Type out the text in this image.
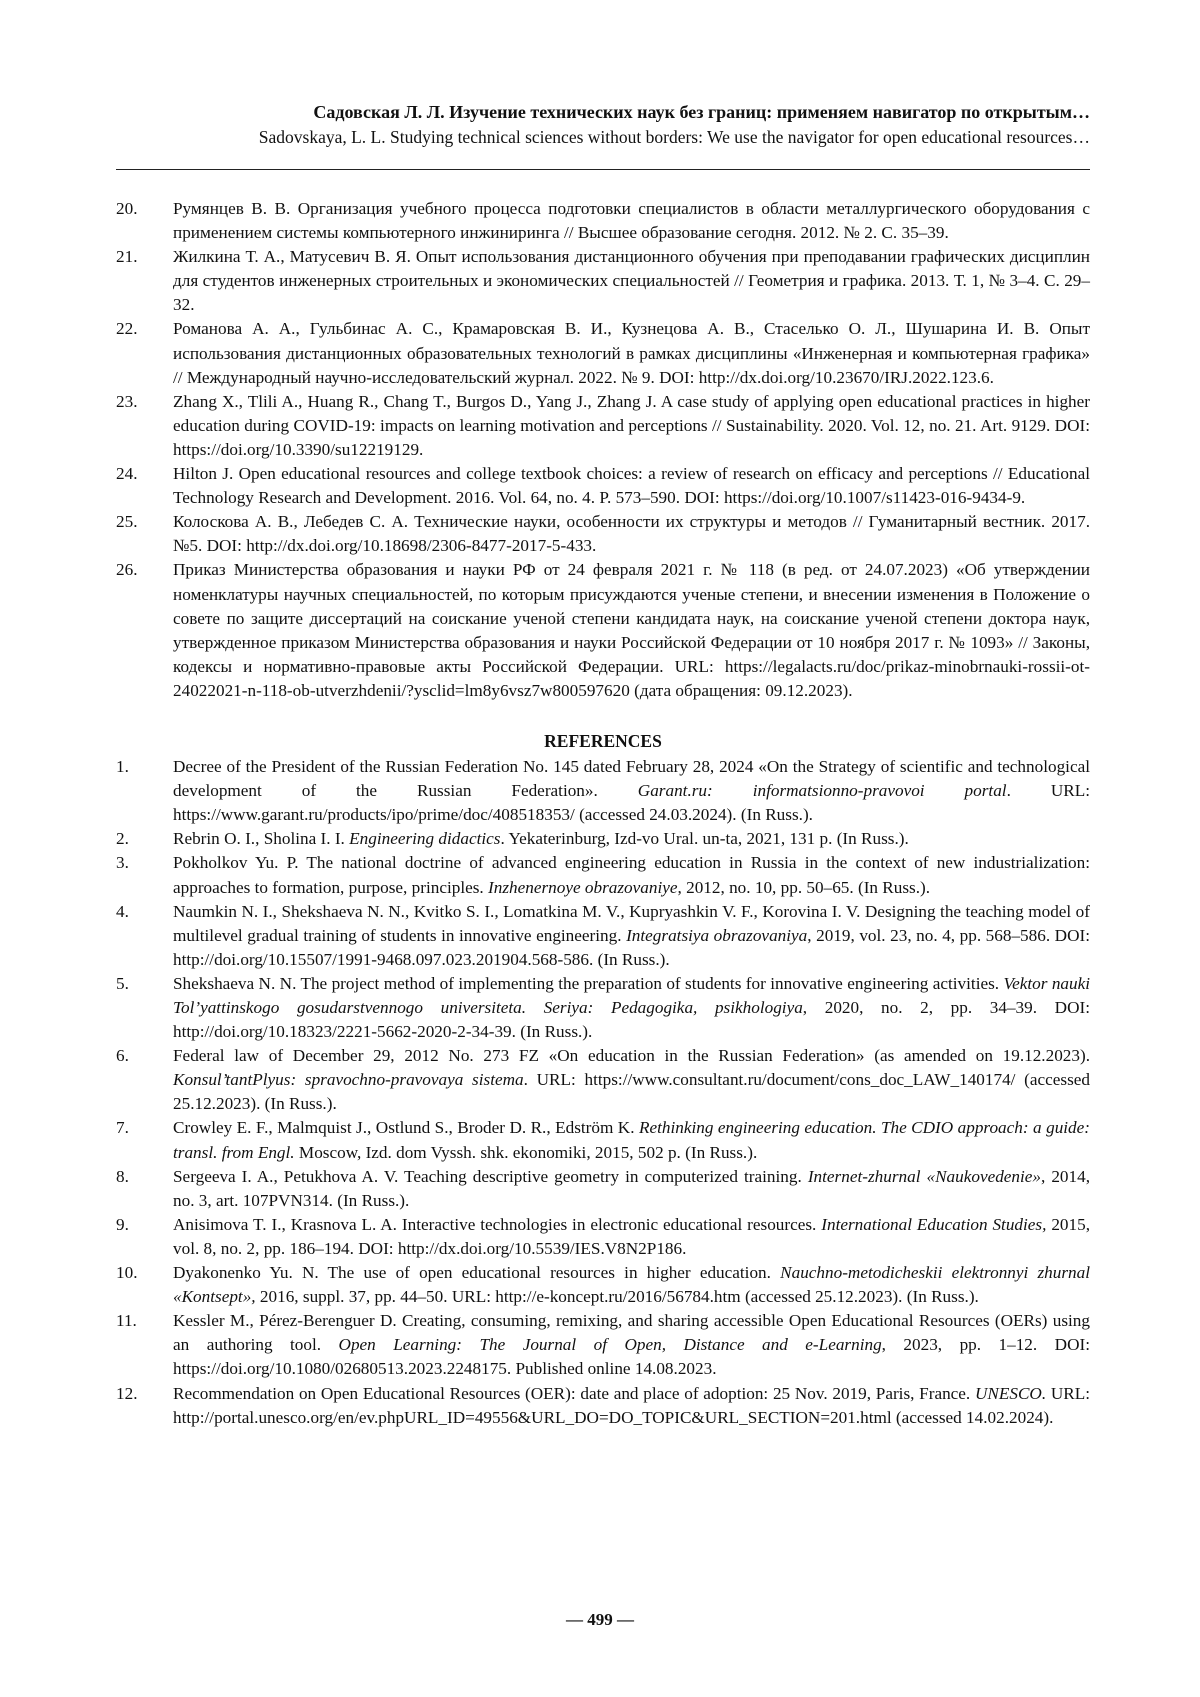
Садовская Л. Л. Изучение технических наук без границ: применяем навигатор по открытым…
Sadovskaya, L. L. Studying technical sciences without borders: We use the navigator for open educational resources…
20.	Румянцев В. В. Организация учебного процесса подготовки специалистов в области металлургического оборудования с применением системы компьютерного инжиниринга // Высшее образование сегодня. 2012. № 2. С. 35–39.
21.	Жилкина Т. А., Матусевич В. Я. Опыт использования дистанционного обучения при преподавании графических дисциплин для студентов инженерных строительных и экономических специальностей // Геометрия и графика. 2013. Т. 1, № 3–4. С. 29–32.
22.	Романова А. А., Гульбинас А. С., Крамаровская В. И., Кузнецова А. В., Стаселько О. Л., Шушарина И. В. Опыт использования дистанционных образовательных технологий в рамках дисциплины «Инженерная и компьютерная графика» // Международный научно-исследовательский журнал. 2022. № 9. DOI: http://dx.doi.org/10.23670/IRJ.2022.123.6.
23.	Zhang X., Tlili A., Huang R., Chang T., Burgos D., Yang J., Zhang J. A case study of applying open educational practices in higher education during COVID-19: impacts on learning motivation and perceptions // Sustainability. 2020. Vol. 12, no. 21. Art. 9129. DOI: https://doi.org/10.3390/su12219129.
24.	Hilton J. Open educational resources and college textbook choices: a review of research on efficacy and perceptions // Educational Technology Research and Development. 2016. Vol. 64, no. 4. P. 573–590. DOI: https://doi.org/10.1007/s11423-016-9434-9.
25.	Колоскова А. В., Лебедев С. А. Технические науки, особенности их структуры и методов // Гуманитарный вестник. 2017. №5. DOI: http://dx.doi.org/10.18698/2306-8477-2017-5-433.
26.	Приказ Министерства образования и науки РФ от 24 февраля 2021 г. № 118 (в ред. от 24.07.2023) «Об утверждении номенклатуры научных специальностей, по которым присуждаются ученые степени, и внесении изменения в Положение о совете по защите диссертаций на соискание ученой степени кандидата наук, на соискание ученой степени доктора наук, утвержденное приказом Министерства образования и науки Российской Федерации от 10 ноября 2017 г. № 1093» // Законы, кодексы и нормативно-правовые акты Российской Федерации. URL: https://legalacts.ru/doc/prikaz-minobrnauki-rossii-ot-24022021-n-118-ob-utverzhdenii/?ysclid=lm8y6vsz7w800597620 (дата обращения: 09.12.2023).
REFERENCES
1.	Decree of the President of the Russian Federation No. 145 dated February 28, 2024 «On the Strategy of scientific and technological development of the Russian Federation». Garant.ru: informatsionno-pravovoi portal. URL: https://www.garant.ru/products/ipo/prime/doc/408518353/ (accessed 24.03.2024). (In Russ.).
2.	Rebrin O. I., Sholina I. I. Engineering didactics. Yekaterinburg, Izd-vo Ural. un-ta, 2021, 131 p. (In Russ.).
3.	Pokholkov Yu. P. The national doctrine of advanced engineering education in Russia in the context of new industrialization: approaches to formation, purpose, principles. Inzhenernoye obrazovaniye, 2012, no. 10, pp. 50–65. (In Russ.).
4.	Naumkin N. I., Shekshaeva N. N., Kvitko S. I., Lomatkina M. V., Kupryashkin V. F., Korovina I. V. Designing the teaching model of multilevel gradual training of students in innovative engineering. Integratsiya obrazovaniya, 2019, vol. 23, no. 4, pp. 568–586. DOI: http://doi.org/10.15507/1991-9468.097.023.201904.568-586. (In Russ.).
5.	Shekshaeva N. N. The project method of implementing the preparation of students for innovative engineering activities. Vektor nauki Tol’yattinskogo gosudarstvennogo universiteta. Seriya: Pedagogika, psikhologiya, 2020, no. 2, pp. 34–39. DOI: http://doi.org/10.18323/2221-5662-2020-2-34-39. (In Russ.).
6.	Federal law of December 29, 2012 No. 273 FZ «On education in the Russian Federation» (as amended on 19.12.2023). Konsul’tantPlyus: spravochno-pravovaya sistema. URL: https://www.consultant.ru/document/cons_doc_LAW_140174/ (accessed 25.12.2023). (In Russ.).
7.	Crowley E. F., Malmquist J., Ostlund S., Broder D. R., Edström K. Rethinking engineering education. The CDIO approach: a guide: transl. from Engl. Moscow, Izd. dom Vyssh. shk. ekonomiki, 2015, 502 p. (In Russ.).
8.	Sergeeva I. A., Petukhova A. V. Teaching descriptive geometry in computerized training. Internet-zhurnal «Naukovedenie», 2014, no. 3, art. 107PVN314. (In Russ.).
9.	Anisimova T. I., Krasnova L. A. Interactive technologies in electronic educational resources. International Education Studies, 2015, vol. 8, no. 2, pp. 186–194. DOI: http://dx.doi.org/10.5539/IES.V8N2P186.
10.	Dyakonenko Yu. N. The use of open educational resources in higher education. Nauchno-metodicheskii elektronnyi zhurnal «Kontsept», 2016, suppl. 37, pp. 44–50. URL: http://e-koncept.ru/2016/56784.htm (accessed 25.12.2023). (In Russ.).
11.	Kessler M., Pérez-Berenguer D. Creating, consuming, remixing, and sharing accessible Open Educational Resources (OERs) using an authoring tool. Open Learning: The Journal of Open, Distance and e-Learning, 2023, pp. 1–12. DOI: https://doi.org/10.1080/02680513.2023.2248175. Published online 14.08.2023.
12.	Recommendation on Open Educational Resources (OER): date and place of adoption: 25 Nov. 2019, Paris, France. UNESCO. URL: http://portal.unesco.org/en/ev.phpURL_ID=49556&URL_DO=DO_TOPIC&URL_SECTION=201.html (accessed 14.02.2024).
— 499 —
